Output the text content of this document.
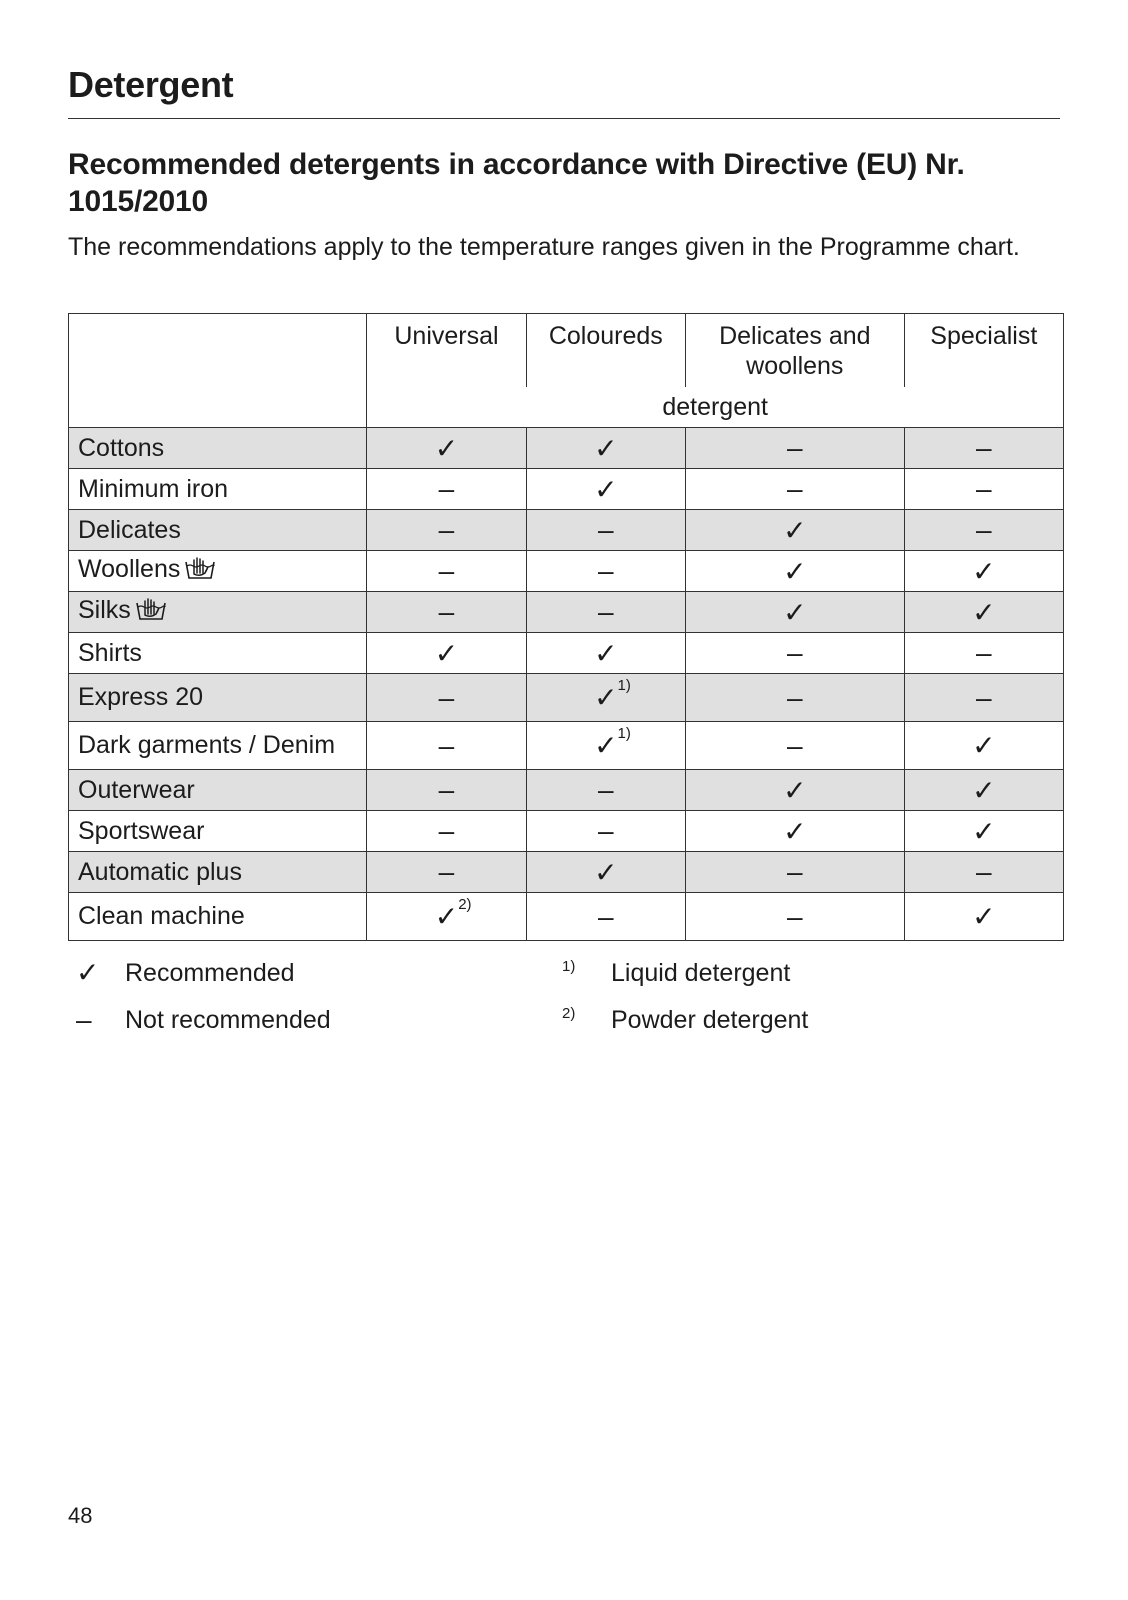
Detergent
Recommended detergents in accordance with Directive (EU) Nr. 1015/2010

The recommendations apply to the temperature ranges given in the Programme chart.

	Universal	Coloureds	Delicates and woollens	Specialist

	detergent			
Cottons	✓	✓	–	–
Minimum iron	–	✓	–	–
Delicates	–	–	✓	–
Woollens	–	–	✓	✓
Silks	–	–	✓	✓
Shirts	✓	✓	–	–
Express 20	–	✓ 1)	–	–
Dark garments / Denim	–	✓ 1)	–	✓
Outerwear	–	–	✓	✓
Sportswear	–	–	✓	✓
Automatic plus	–	✓	–	–
Clean machine	✓ 2)	–	–	✓
✓ Recommended
–	Not recommended
1) Liquid detergent
2) Powder detergent
48
